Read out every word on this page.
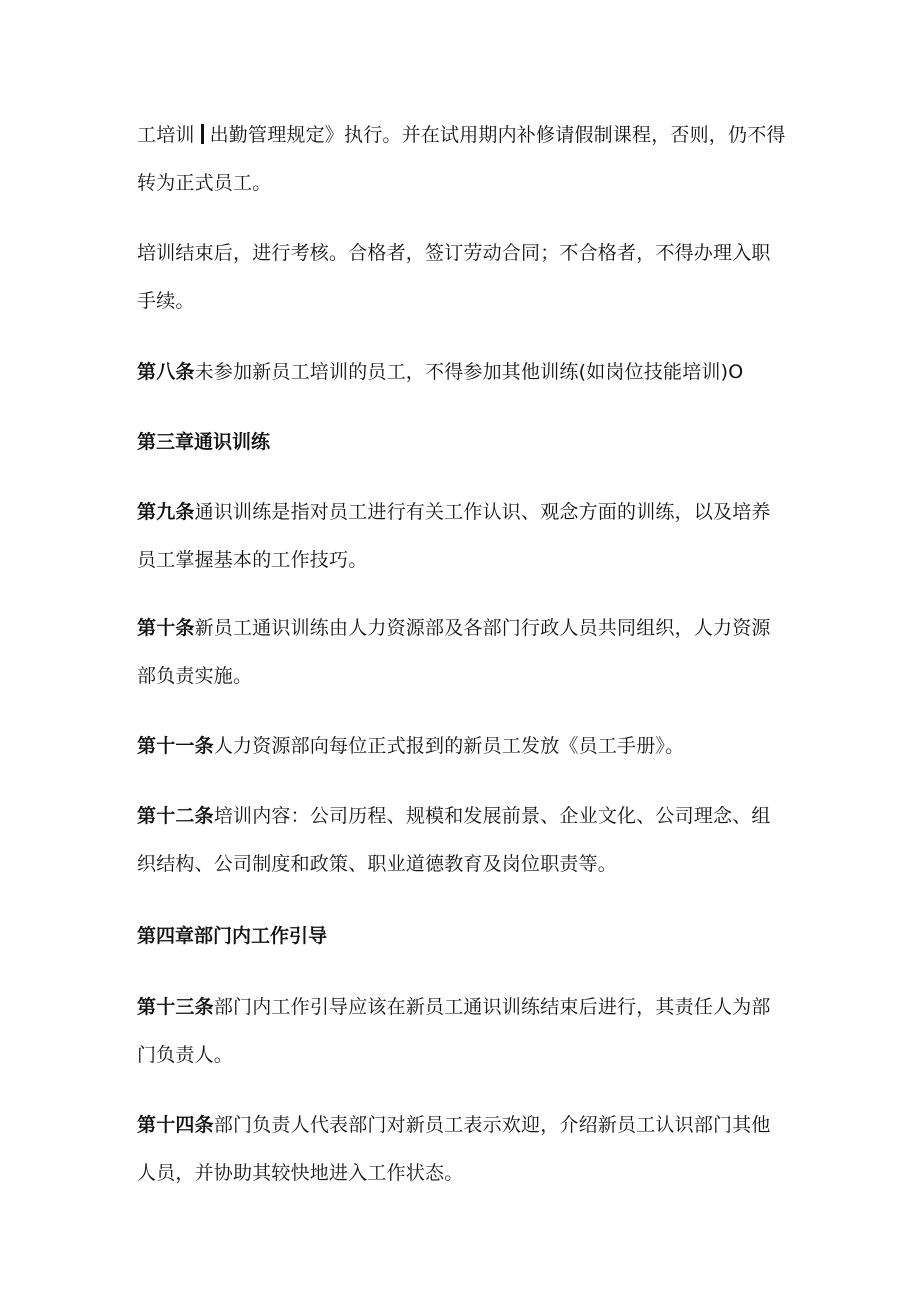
工培训 出勤管理规定》执行。并在试用期内补修请假制课程，否则，仍不得转为正式员工。

培训结束后，进行考核。合格者，签订劳动合同；不合格者，不得办理入职手续。

第八条未参加新员工培训的员工，不得参加其他训练(如岗位技能培训)O

第三章通识训练

第九条通识训练是指对员工进行有关工作认识、观念方面的训练，以及培养员工掌握基本的工作技巧。

第十条新员工通识训练由人力资源部及各部门行政人员共同组织，人力资源部负责实施。

第十一条人力资源部向每位正式报到的新员工发放《员工手册》。

第十二条培训内容：公司历程、规模和发展前景、企业文化、公司理念、组织结构、公司制度和政策、职业道德教育及岗位职责等。

第四章部门内工作引导

第十三条部门内工作引导应该在新员工通识训练结束后进行，其责任人为部门负责人。

第十四条部门负责人代表部门对新员工表示欢迎，介绍新员工认识部门其他人员，并协助其较快地进入工作状态。
